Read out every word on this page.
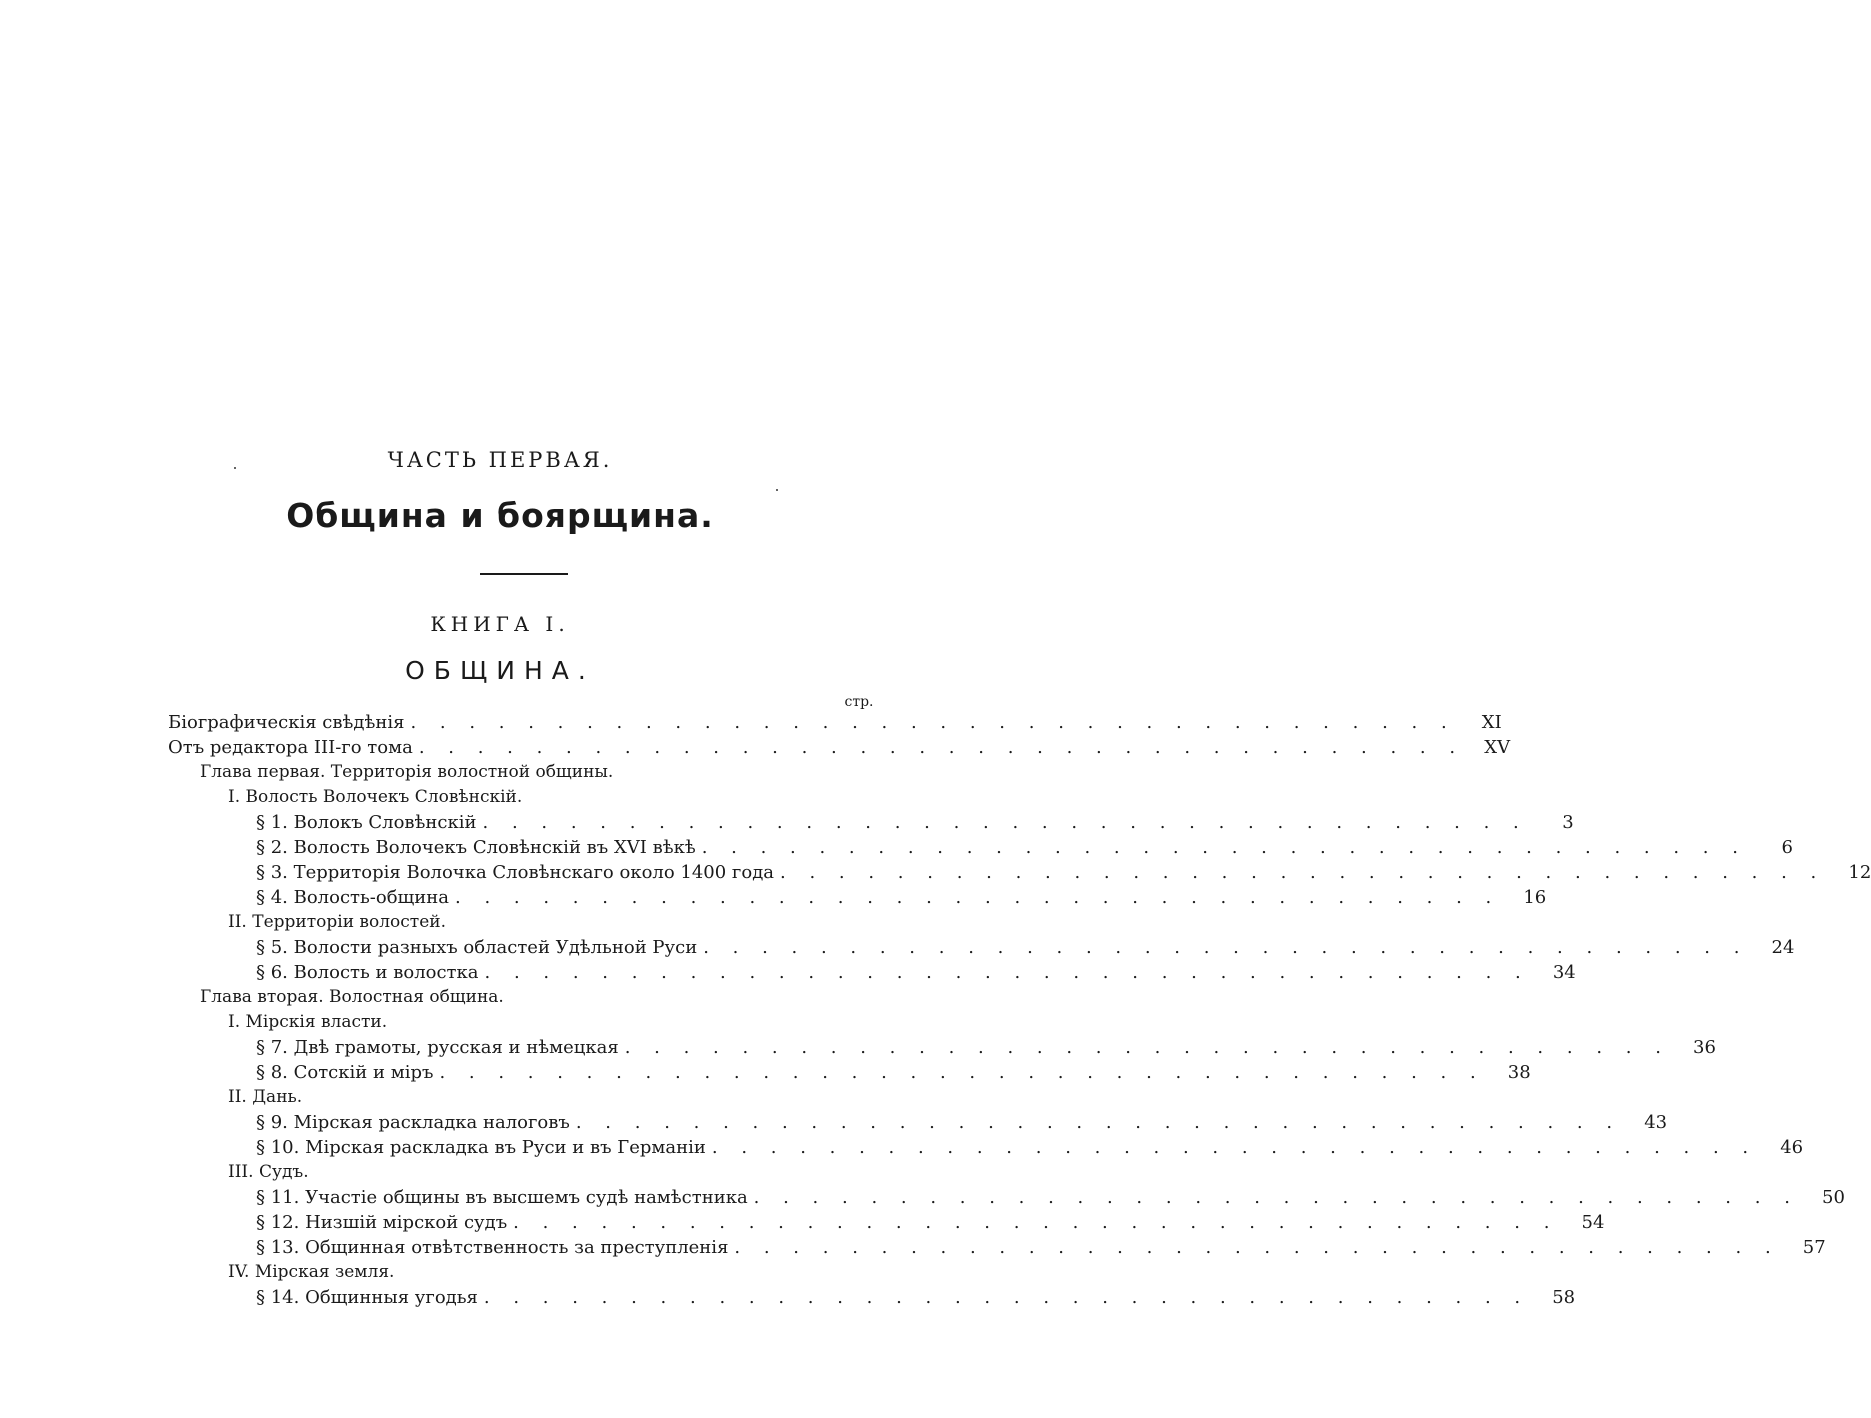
ЧАСТЬ ПЕРВАЯ.
Община и боярщина.
КНИГА I.
ОБЩИНА.
стр.
Біографическія свѣдѣнія . . . . . . . . . . . . . . . . . . . . . . . . . . . . . . . . . . . .	XI
Отъ редактора III-го тома . . . . . . . . . . . . . . . . . . . . . . . . . . . . . . . . . . . .	XV
Глава первая. Территорія волостной общины.
I. Волость Волочекъ Словѣнскій.
§ 1. Волокъ Словѣнскій . . . . . . . . . . . . . . . . . . . . . . . . . . . . . . . . . . . .	3
§ 2. Волость Волочекъ Словѣнскій въ XVI вѣкѣ . . . . . . . . . . . . . . . . . . . . . . . . . . . . . . . . . . . .	6
§ 3. Территорія Волочка Словѣнскаго около 1400 года . . . . . . . . . . . . . . . . . . . . . . . . . . . . . . . . . . . .	12
§ 4. Волость-община . . . . . . . . . . . . . . . . . . . . . . . . . . . . . . . . . . . .	16
II. Территоріи волостей.
§ 5. Волости разныхъ областей Удѣльной Руси . . . . . . . . . . . . . . . . . . . . . . . . . . . . . . . . . . . .	24
§ 6. Волость и волостка . . . . . . . . . . . . . . . . . . . . . . . . . . . . . . . . . . . .	34
Глава вторая. Волостная община.
I. Мірскія власти.
§ 7. Двѣ грамоты, русская и нѣмецкая . . . . . . . . . . . . . . . . . . . . . . . . . . . . . . . . . . . .	36
§ 8. Сотскій и міръ . . . . . . . . . . . . . . . . . . . . . . . . . . . . . . . . . . . .	38
II. Дань.
§ 9. Мірская раскладка налоговъ . . . . . . . . . . . . . . . . . . . . . . . . . . . . . . . . . . . .	43
§ 10. Мірская раскладка въ Руси и въ Германіи . . . . . . . . . . . . . . . . . . . . . . . . . . . . . . . . . . . .	46
III. Судъ.
§ 11. Участіе общины въ высшемъ судѣ намѣстника . . . . . . . . . . . . . . . . . . . . . . . . . . . . . . . . . . . .	50
§ 12. Низшій мірской судъ . . . . . . . . . . . . . . . . . . . . . . . . . . . . . . . . . . . .	54
§ 13. Общинная отвѣтственность за преступленія . . . . . . . . . . . . . . . . . . . . . . . . . . . . . . . . . . . .	57
IV. Мірская земля.
§ 14. Общинныя угодья . . . . . . . . . . . . . . . . . . . . . . . . . . . . . . . . . . . .	58
